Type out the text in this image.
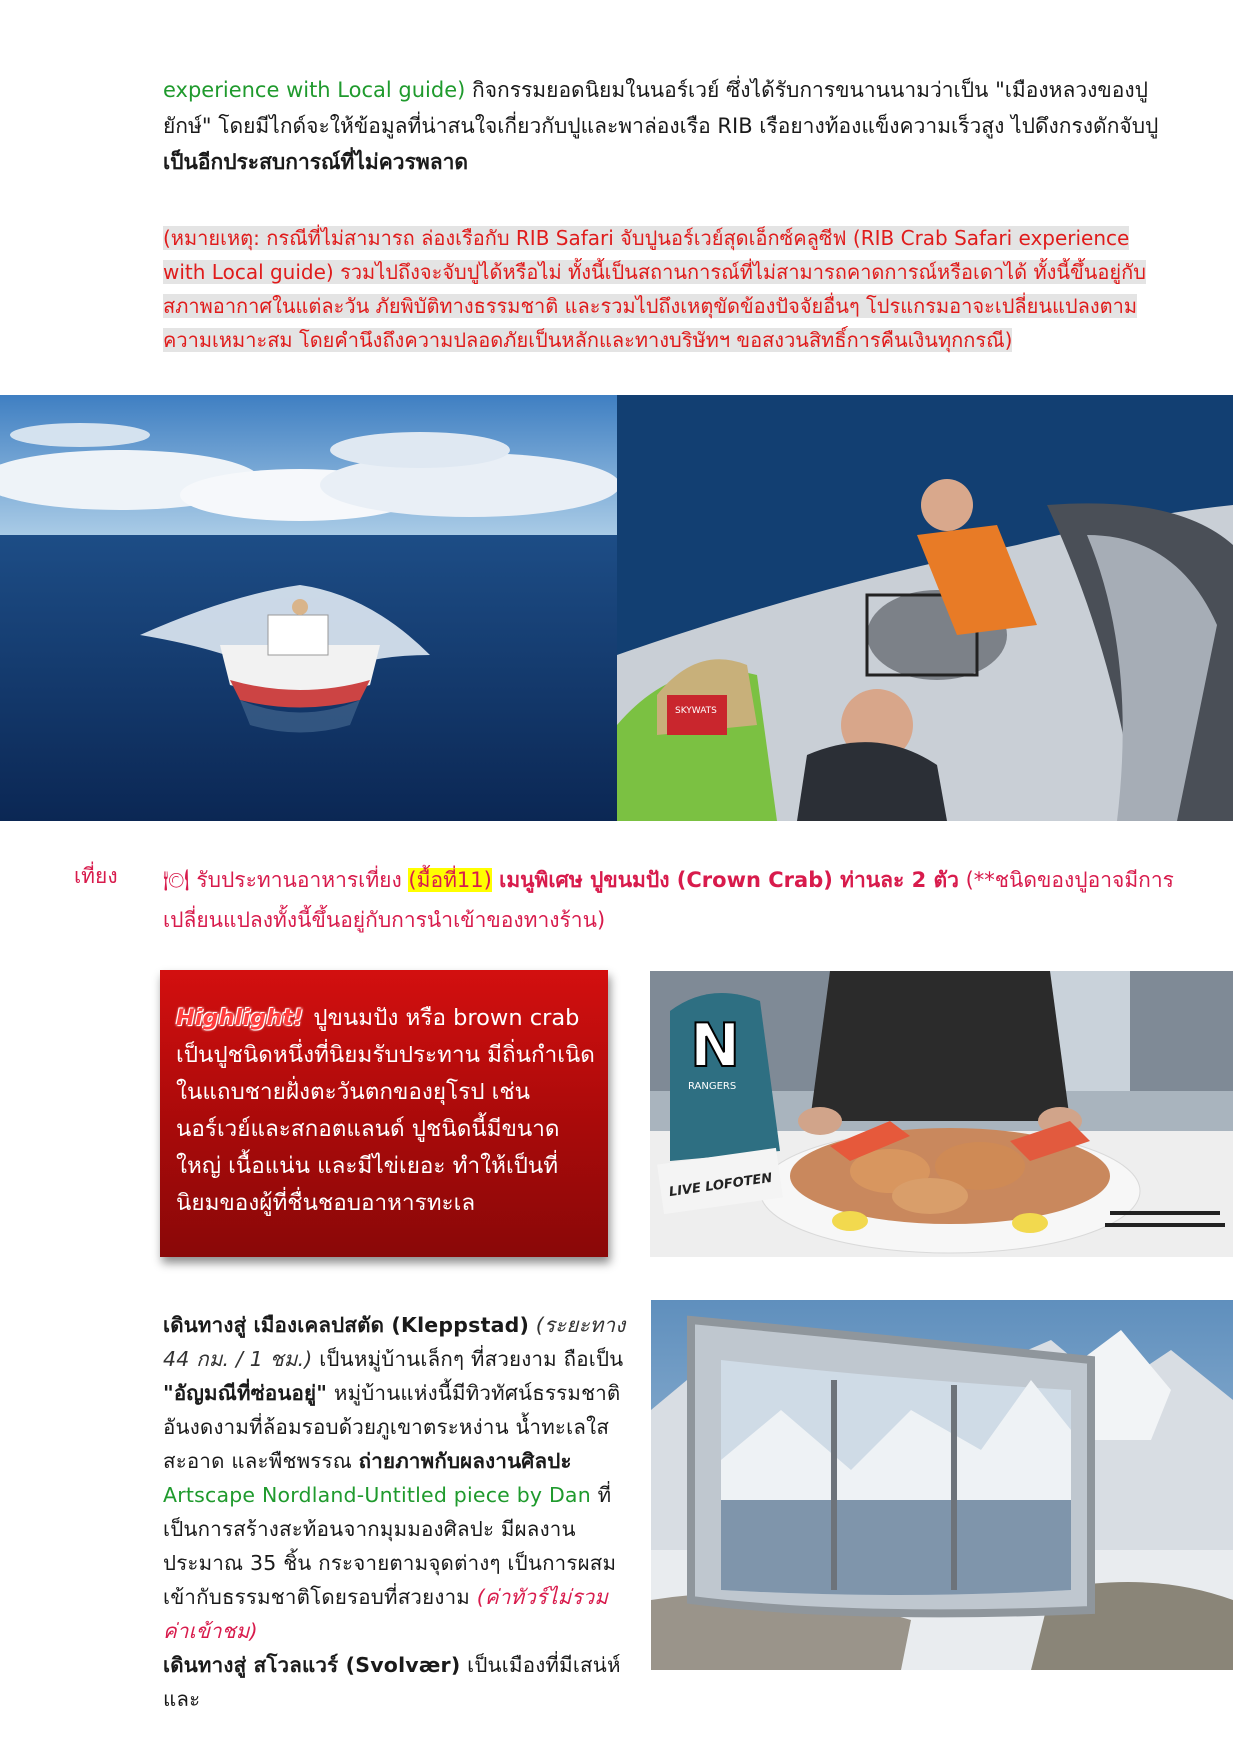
experience with Local guide) กิจกรรมยอดนิยมในนอร์เวย์ ซึ่งได้รับการขนานนามว่าเป็น "เมืองหลวงของปูยักษ์" โดยมีไกด์จะให้ข้อมูลที่น่าสนใจเกี่ยวกับปูและพาล่องเรือ RIB เรือยางท้องแข็งความเร็วสูง ไปดึงกรงดักจับปู
เป็นอีกประสบการณ์ที่ไม่ควรพลาด

(หมายเหตุ: กรณีที่ไม่สามารถ ล่องเรือกับ RIB Safari จับปูนอร์เวย์สุดเอ็กซ์คลูซีฟ (RIB Crab Safari experience with Local guide) รวมไปถึงจะจับปูได้หรือไม่ ทั้งนี้เป็นสถานการณ์ที่ไม่สามารถคาดการณ์หรือเดาได้ ทั้งนี้ขึ้นอยู่กับสภาพอากาศในแต่ละวัน ภัยพิบัติทางธรรมชาติ และรวมไปถึงเหตุขัดข้องปัจจัยอื่นๆ โปรแกรมอาจะเปลี่ยนแปลงตามความเหมาะสม โดยคำนึงถึงความปลอดภัยเป็นหลักและทางบริษัทฯ ขอสงวนสิทธิ์การคืนเงินทุกกรณี)

SKYWATS
เที่ยง 🍽 รับประทานอาหารเที่ยง (มื้อที่11) เมนูพิเศษ ปูขนมปัง (Crown Crab) ท่านละ 2 ตัว (**ชนิดของปูอาจมีการเปลี่ยนแปลงทั้งนี้ขึ้นอยู่กับการนำเข้าของทางร้าน)

Highlight! ปูขนมปัง หรือ brown crab เป็นปูชนิดหนึ่งที่นิยมรับประทาน มีถิ่นกำเนิดในแถบชายฝั่งตะวันตกของยุโรป เช่น นอร์เวย์และสกอตแลนด์ ปูชนิดนี้มีขนาดใหญ่ เนื้อแน่น และมีไข่เยอะ ทำให้เป็นที่นิยมของผู้ที่ชื่นชอบอาหารทะเล

N
RANGERS
LIVE LOFOTEN

เดินทางสู่ เมืองเคลปสตัด (Kleppstad) (ระยะทาง 44 กม. / 1 ชม.) เป็นหมู่บ้านเล็กๆ ที่สวยงาม ถือเป็น "อัญมณีที่ซ่อนอยู่" หมู่บ้านแห่งนี้มีทิวทัศน์ธรรมชาติอันงดงามที่ล้อมรอบด้วยภูเขาตระหง่าน น้ำทะเลใสสะอาด และพืชพรรณ ถ่ายภาพกับผลงานศิลปะ
Artscape Nordland-Untitled piece by Dan ที่เป็นการสร้างสะท้อนจากมุมมองศิลปะ มีผลงานประมาณ 35 ชิ้น กระจายตามจุดต่างๆ เป็นการผสมเข้ากับธรรมชาติโดยรอบที่สวยงาม (ค่าทัวร์ไม่รวมค่าเข้าชม)
เดินทางสู่ สโวลแวร์ (Svolvær) เป็นเมืองที่มีเสน่ห์และ
